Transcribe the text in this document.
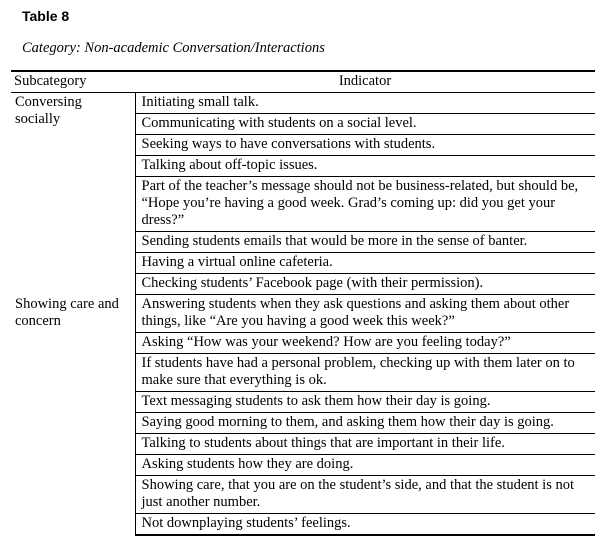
Table 8
Category: Non-academic Conversation/Interactions
Subcategory	Indicator
Conversing socially	Initiating small talk.
	Communicating with students on a social level.
	Seeking ways to have conversations with students.
	Talking about off-topic issues.
	Part of the teacher’s message should not be business-related, but should be, “Hope you’re having a good week. Grad’s coming up: did you get your dress?”
	Sending students emails that would be more in the sense of banter.
	Having a virtual online cafeteria.
	Checking students’ Facebook page (with their permission).
Showing care and concern	Answering students when they ask questions and asking them about other things, like “Are you having a good week this week?”
	Asking “How was your weekend? How are you feeling today?”
	If students have had a personal problem, checking up with them later on to make sure that everything is ok.
	Text messaging students to ask them how their day is going.
	Saying good morning to them, and asking them how their day is going.
	Talking to students about things that are important in their life.
	Asking students how they are doing.
	Showing care, that you are on the student’s side, and that the student is not just another number.
	Not downplaying students’ feelings.
